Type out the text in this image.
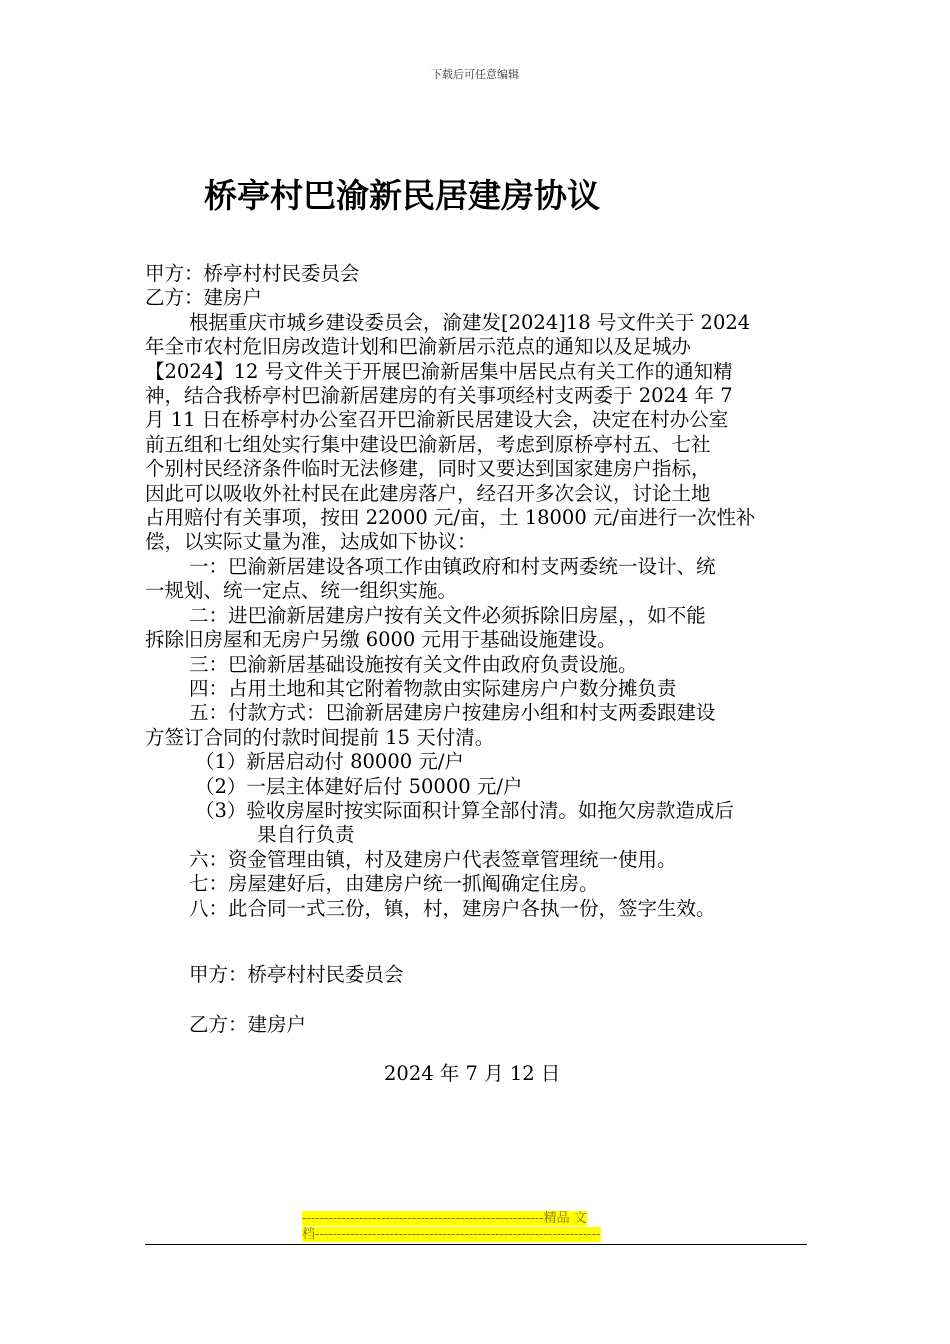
下载后可任意编辑
桥亭村巴渝新民居建房协议
甲方：桥亭村村民委员会
乙方：建房户
根据重庆市城乡建设委员会，渝建发[2024]18 号文件关于 2024
年全市农村危旧房改造计划和巴渝新居示范点的通知以及足城办
【2024】12 号文件关于开展巴渝新居集中居民点有关工作的通知精
神，结合我桥亭村巴渝新居建房的有关事项经村支两委于 2024 年 7
月 11 日在桥亭村办公室召开巴渝新民居建设大会，决定在村办公室
前五组和七组处实行集中建设巴渝新居，考虑到原桥亭村五、七社
个别村民经济条件临时无法修建，同时又要达到国家建房户指标，
因此可以吸收外社村民在此建房落户，经召开多次会议，讨论土地
占用赔付有关事项，按田 22000 元/亩，土 18000 元/亩进行一次性补
偿，以实际丈量为准，达成如下协议：
一：巴渝新居建设各项工作由镇政府和村支两委统一设计、统
一规划、统一定点、统一组织实施。
二：进巴渝新居建房户按有关文件必须拆除旧房屋，，如不能
拆除旧房屋和无房户另缴 6000 元用于基础设施建设。
三：巴渝新居基础设施按有关文件由政府负责设施。
四：占用土地和其它附着物款由实际建房户户数分摊负责
五：付款方式：巴渝新居建房户按建房小组和村支两委跟建设
方签订合同的付款时间提前 15 天付清。
（1）新居启动付 80000 元/户
（2）一层主体建好后付 50000 元/户
（3）验收房屋时按实际面积计算全部付清。如拖欠房款造成后
果自行负责
六：资金管理由镇，村及建房户代表签章管理统一使用。
七：房屋建好后，由建房户统一抓阄确定住房。
八：此合同一式三份，镇，村，建房户各执一份，签字生效。
甲方：桥亭村村民委员会
乙方：建房户
2024 年 7 月 12 日
-------------------------------------------------------精品 文
档-----------------------------------------------------------------
